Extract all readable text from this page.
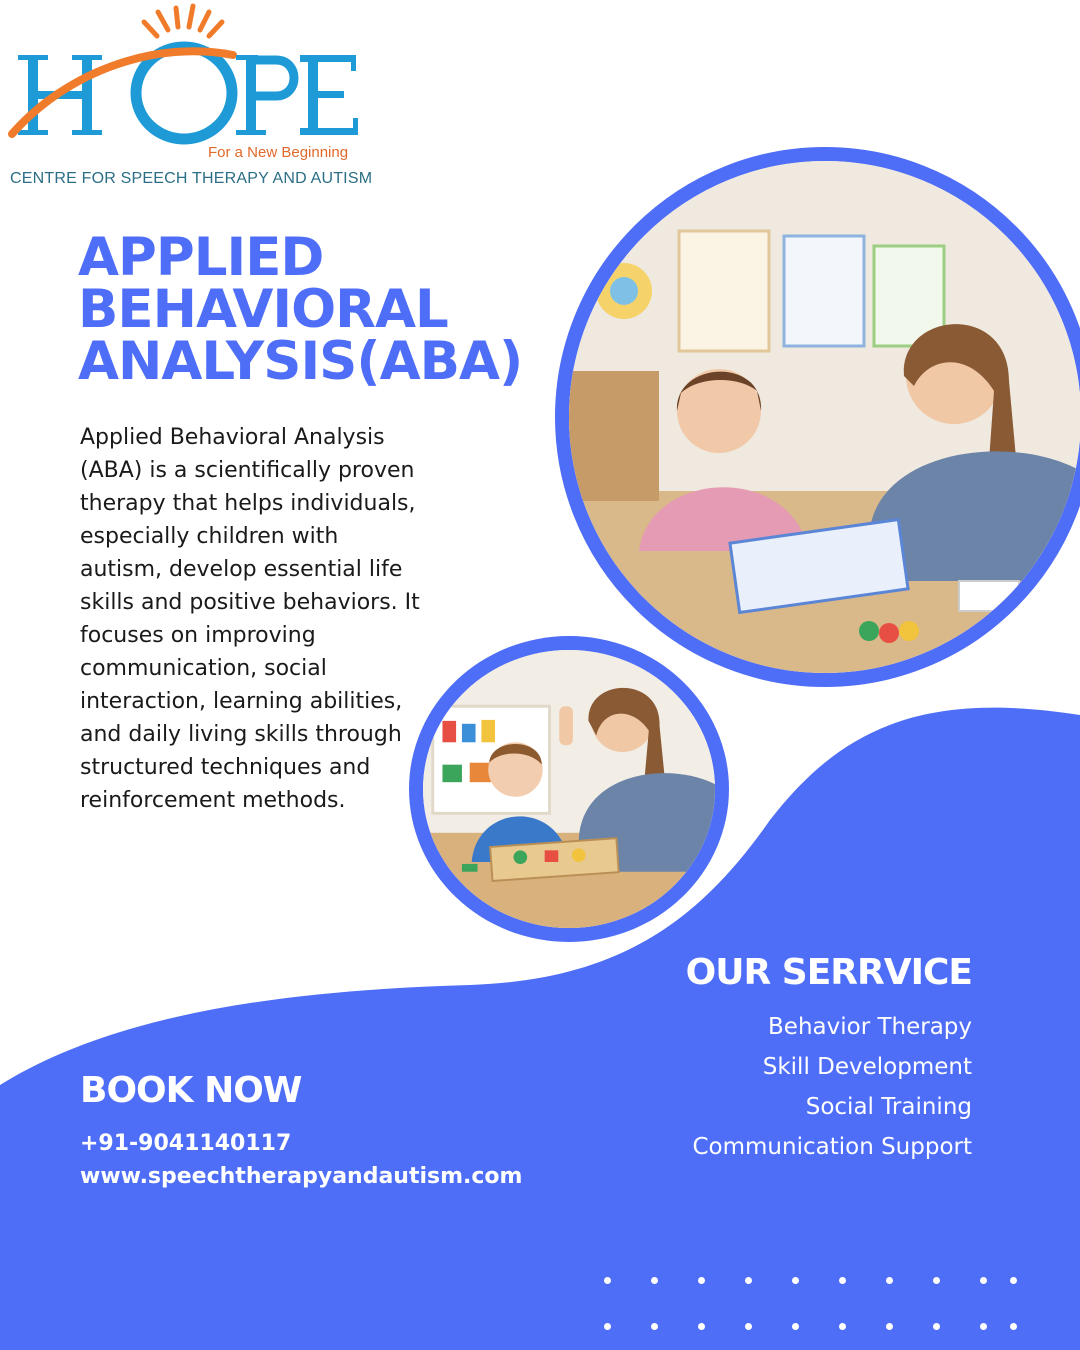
For a New Beginning
CENTRE FOR SPEECH THERAPY AND AUTISM
APPLIED
BEHAVIORAL
ANALYSIS(ABA)

Applied Behavioral Analysis (ABA) is a scientifically proven therapy that helps individuals, especially children with autism, develop essential life skills and positive behaviors. It focuses on improving communication, social interaction, learning abilities, and daily living skills through structured techniques and reinforcement methods.

OUR SERRVICE
Behavior Therapy
Skill Development
Social Training
Communication Support
BOOK NOW
+91-9041140117
www.speechtherapyandautism.com
